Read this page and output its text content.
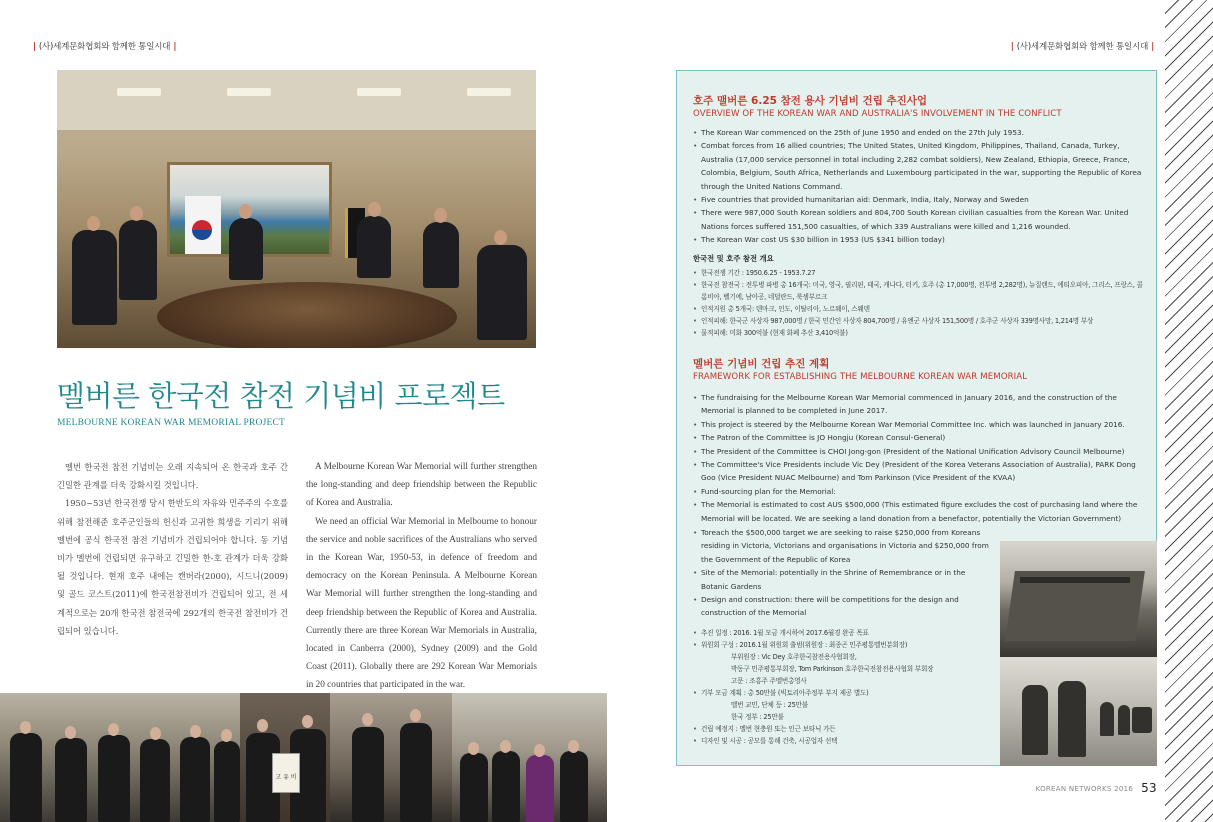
| (사)세계문화협회와 함께한 통일시대 |	| (사)세계문화협회와 함께한 통일시대 |
멜버른 한국전 참전 기념비 프로젝트
MELBOURNE KOREAN WAR MEMORIAL PROJECT

멜번 한국전 참전 기념비는 오래 지속되어 온 한국과 호주 간 긴밀한 관계를 더욱 강화시킬 것입니다.

1950~53년 한국전쟁 당시 한반도의 자유와 민주주의 수호를 위해 참전해준 호주군인들의 헌신과 고귀한 희생을 기리기 위해 멜번에 공식 한국전 참전 기념비가 건립되어야 합니다. 동 기념비가 멜번에 건립되면 유구하고 긴밀한 한-호 관계가 더욱 강화될 것입니다. 현재 호주 내에는 캔버라(2000), 시드니(2009) 및 골드 코스트(2011)에 한국전참전비가 건립되어 있고, 전 세계적으로는 20개 한국전 참전국에 292개의 한국전 참전비가 건립되어 있습니다.

A Melbourne Korean War Memorial will further strengthen the long-standing and deep friendship between the Republic of Korea and Australia.

We need an official War Memorial in Melbourne to honour the service and noble sacrifices of the Australians who served in the Korean War, 1950-53, in defence of freedom and democracy on the Korean Peninsula. A Melbourne Korean War Memorial will further strengthen the long-standing and deep friendship between the Republic of Korea and Australia. Currently there are three Korean War Memorials in Australia, located in Canberra (2000), Sydney (2009) and the Gold Coast (2011). Globally there are 292 Korean War Memorials in 20 countries that participated in the war.

고 유 비
호주 맬버른 6.25 참전 용사 기념비 건립 추진사업
OVERVIEW OF THE KOREAN WAR AND AUSTRALIA'S INVOLVEMENT IN THE CONFLICT
• The Korean War commenced on the 25th of June 1950 and ended on the 27th July 1953.
• Combat forces from 16 allied countries; The United States, United Kingdom, Philippines, Thailand, Canada, Turkey, Australia (17,000 service personnel in total including 2,282 combat soldiers), New Zealand, Ethiopia, Greece, France, Colombia, Belgium, South Africa, Netherlands and Luxembourg participated in the war, supporting the Republic of Korea through the United Nations Command.
• Five countries that provided humanitarian aid: Denmark, India, Italy, Norway and Sweden
• There were 987,000 South Korean soldiers and 804,700 South Korean civilian casualties from the Korean War. United Nations forces suffered 151,500 casualties, of which 339 Australians were killed and 1,216 wounded.
• The Korean War cost US $30 billion in 1953 (US $341 billion today)
한국전 및 호주 참전 개요
• 한국전쟁 기간 : 1950.6.25 - 1953.7.27
• 한국전 참전국 : 전투병 파병 총 16개국: 미국, 영국, 필리핀, 태국, 캐나다, 터키, 호주 (총 17,000명, 전투병 2,282명), 뉴질랜드, 에티오피아, 그리스, 프랑스, 콜롬비아, 벨기에, 남아공, 네덜란드, 룩셈부르크
• 인적지원 총 5개국: 덴마크, 인도, 이탈리아, 노르웨이, 스웨덴
• 인적피해: 한국군 사상자 987,000명 / 한국 민간인 사상자 804,700명 / 유엔군 사상자 151,500명 / 호주군 사상자 339명사망, 1,214명 부상
• 물적피해: 미화 300억불 (현재 화폐 추산 3,410억불)
멜버른 기념비 건립 추진 계획
FRAMEWORK FOR ESTABLISHING THE MELBOURNE KOREAN WAR MEMORIAL
• The fundraising for the Melbourne Korean War Memorial commenced in January 2016, and the construction of the Memorial is planned to be completed in June 2017.
• This project is steered by the Melbourne Korean War Memorial Committee Inc. which was launched in January 2016.
• The Patron of the Committee is JO Hongju (Korean Consul-General)
• The President of the Committee is CHOI Jong-gon (President of the National Unification Advisory Council Melbourne)
• The Committee's Vice Presidents include Vic Dey (President of the Korea Veterans Association of Australia), PARK Dong Goo (Vice President NUAC Melbourne) and Tom Parkinson (Vice President of the KVAA)
• Fund-sourcing plan for the Memorial:
• The Memorial is estimated to cost AUS $500,000 (This estimated figure excludes the cost of purchasing land where the Memorial will be located. We are seeking a land donation from a benefactor, potentially the Victorian Government)
• Toreach the $500,000 target we are seeking to raise $250,000 from Koreans residing in Victoria, Victorians and organisations in Victoria and $250,000 from the Government of the Republic of Korea
• Site of the Memorial: potentially in the Shrine of Remembrance or in the Botanic Gardens
• Design and construction: there will be competitions for the design and construction of the Memorial
• 추진 일정 : 2016. 1월 모금 개시하여 2017.6월경 완공 목표
• 위원회 구성 : 2016.1월 위원회 출범(위원장 : 최종곤 민주평통멜번분회장)
부위원장 : Vic Dey 호주한국참전용사협회장,
박동구 민주평통부회장, Tom Parkinson 호주한국전참전용사협회 부회장
고문 : 조홍주 주멜번총영사
• 기부 모금 계획 : 총 50만불 (빅토리아주정부 부지 제공 별도)
멜번 교민, 단체 등 : 25만불
한국 정부 : 25만불
• 건립 예정지 : 멜번 현충원 또는 인근 보타닉 가든
• 디자인 및 시공 : 공모를 통해 건축, 시공업자 선택
KOREAN NETWORKS 2016 53
